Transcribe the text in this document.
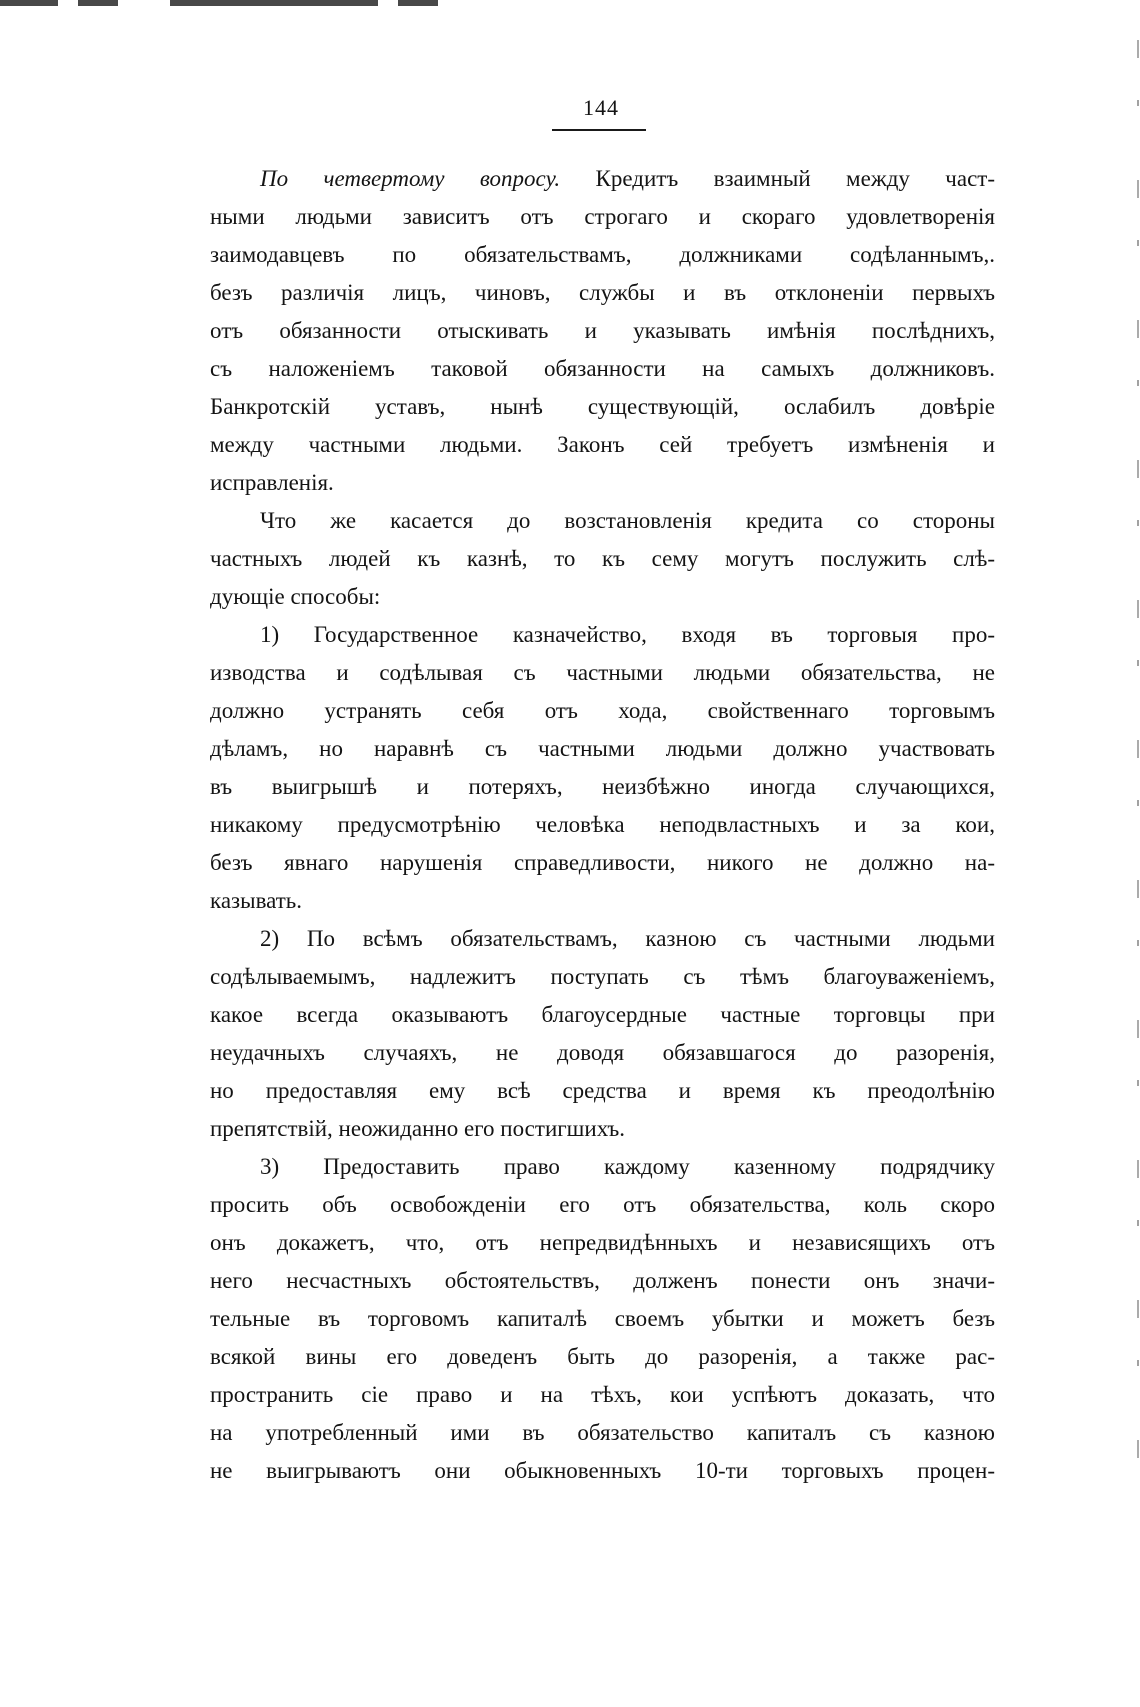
144
По четвертому вопросу. Кредитъ взаимный между част-
ными людьми зависитъ отъ строгаго и скораго удовлетворенія
заимодавцевъ по обязательствамъ, должниками содѣланнымъ,.
безъ различія лицъ, чиновъ, службы и въ отклоненіи первыхъ
отъ обязанности отыскивать и указывать имѣнія послѣднихъ,
съ наложеніемъ таковой обязанности на самыхъ должниковъ.
Банкротскій уставъ, нынѣ существующій, ослабилъ довѣріе
между частными людьми. Законъ сей требуетъ измѣненія и
исправленія.
Что же касается до возстановленія кредита со стороны
частныхъ людей къ казнѣ, то къ сему могутъ послужить слѣ-
дующіе способы:
1) Государственное казначейство, входя въ торговыя про-
изводства и содѣлывая съ частными людьми обязательства, не
должно устранять себя отъ хода, свойственнаго торговымъ
дѣламъ, но наравнѣ съ частными людьми должно участвовать
въ выигрышѣ и потеряхъ, неизбѣжно иногда случающихся,
никакому предусмотрѣнію человѣка неподвластныхъ и за кои,
безъ явнаго нарушенія справедливости, никого не должно на-
казывать.
2) По всѣмъ обязательствамъ, казною съ частными людьми
содѣлываемымъ, надлежитъ поступать съ тѣмъ благоуваженіемъ,
какое всегда оказываютъ благоусердные частные торговцы при
неудачныхъ случаяхъ, не доводя обязавшагося до разоренія,
но предоставляя ему всѣ средства и время къ преодолѣнію
препятствій, неожиданно его постигшихъ.
3) Предоставить право каждому казенному подрядчику
просить объ освобожденіи его отъ обязательства, коль скоро
онъ докажетъ, что, отъ непредвидѣнныхъ и независящихъ отъ
него несчастныхъ обстоятельствъ, долженъ понести онъ значи-
тельные въ торговомъ капиталѣ своемъ убытки и можетъ безъ
всякой вины его доведенъ быть до разоренія, а также рас-
пространить сіе право и на тѣхъ, кои успѣютъ доказать, что
на употребленный ими въ обязательство капиталъ съ казною
не выигрываютъ они обыкновенныхъ 10-ти торговыхъ процен-
